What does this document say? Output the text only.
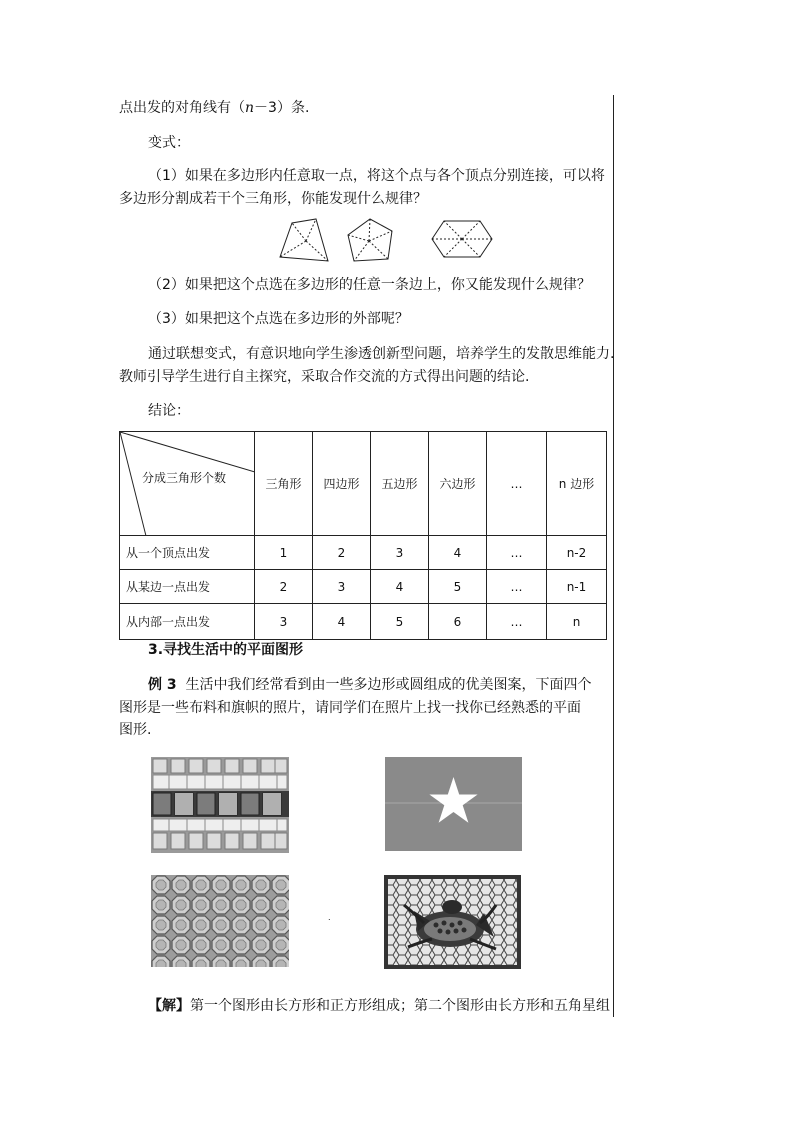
点出发的对角线有（n－3）条.
变式：
（1）如果在多边形内任意取一点，将这个点与各个顶点分别连接，可以将
多边形分割成若干个三角形，你能发现什么规律？
（2）如果把这个点选在多边形的任意一条边上，你又能发现什么规律？
（3）如果把这个点选在多边形的外部呢？
通过联想变式，有意识地向学生渗透创新型问题，培养学生的发散思维能力.
教师引导学生进行自主探究，采取合作交流的方式得出问题的结论.
结论：
分成三角形个数	三角形	四边形	五边形	六边形	…	n 边形
从一个顶点出发	1	2	3	4	…	n-2
从某边一点出发	2	3	4	5	…	n-1
从内部一点出发	3	4	5	6	…	n
3.寻找生活中的平面图形
例 3 生活中我们经常看到由一些多边形或圆组成的优美图案，下面四个
图形是一些布料和旗帜的照片，请同学们在照片上找一找你已经熟悉的平面
图形.
.
【解】第一个图形由长方形和正方形组成；第二个图形由长方形和五角星组
